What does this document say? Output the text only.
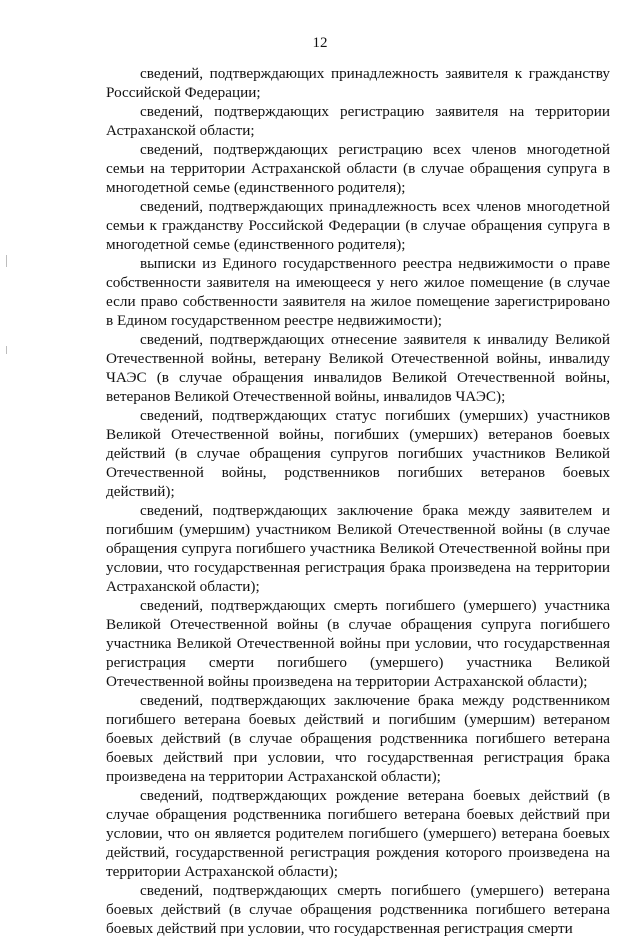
12

сведений, подтверждающих принадлежность заявителя к гражданству Российской Федерации;

сведений, подтверждающих регистрацию заявителя на территории Астраханской области;

сведений, подтверждающих регистрацию всех членов многодетной семьи на территории Астраханской области (в случае обращения супруга в многодетной семье (единственного родителя);

сведений, подтверждающих принадлежность всех членов многодетной семьи к гражданству Российской Федерации (в случае обращения супруга в многодетной семье (единственного родителя);

выписки из Единого государственного реестра недвижимости о праве собственности заявителя на имеющееся у него жилое помещение (в случае если право собственности заявителя на жилое помещение зарегистрировано в Едином государственном реестре недвижимости);

сведений, подтверждающих отнесение заявителя к инвалиду Великой Отечественной войны, ветерану Великой Отечественной войны, инвалиду ЧАЭС (в случае обращения инвалидов Великой Отечественной войны, ветеранов Великой Отечественной войны, инвалидов ЧАЭС);

сведений, подтверждающих статус погибших (умерших) участников Великой Отечественной войны, погибших (умерших) ветеранов боевых действий (в случае обращения супругов погибших участников Великой Отечественной войны, родственников погибших ветеранов боевых действий);

сведений, подтверждающих заключение брака между заявителем и погибшим (умершим) участником Великой Отечественной войны (в случае обращения супруга погибшего участника Великой Отечественной войны при условии, что государственная регистрация брака произведена на территории Астраханской области);

сведений, подтверждающих смерть погибшего (умершего) участника Великой Отечественной войны (в случае обращения супруга погибшего участника Великой Отечественной войны при условии, что государственная регистрация смерти погибшего (умершего) участника Великой Отечественной войны произведена на территории Астраханской области);

сведений, подтверждающих заключение брака между родственником погибшего ветерана боевых действий и погибшим (умершим) ветераном боевых действий (в случае обращения родственника погибшего ветерана боевых действий при условии, что государственная регистрация брака произведена на территории Астраханской области);

сведений, подтверждающих рождение ветерана боевых действий (в случае обращения родственника погибшего ветерана боевых действий при условии, что он является родителем погибшего (умершего) ветерана боевых действий, государственной регистрация рождения которого произведена на территории Астраханской области);

сведений, подтверждающих смерть погибшего (умершего) ветерана боевых действий (в случае обращения родственника погибшего ветерана боевых действий при условии, что государственная регистрация смерти
